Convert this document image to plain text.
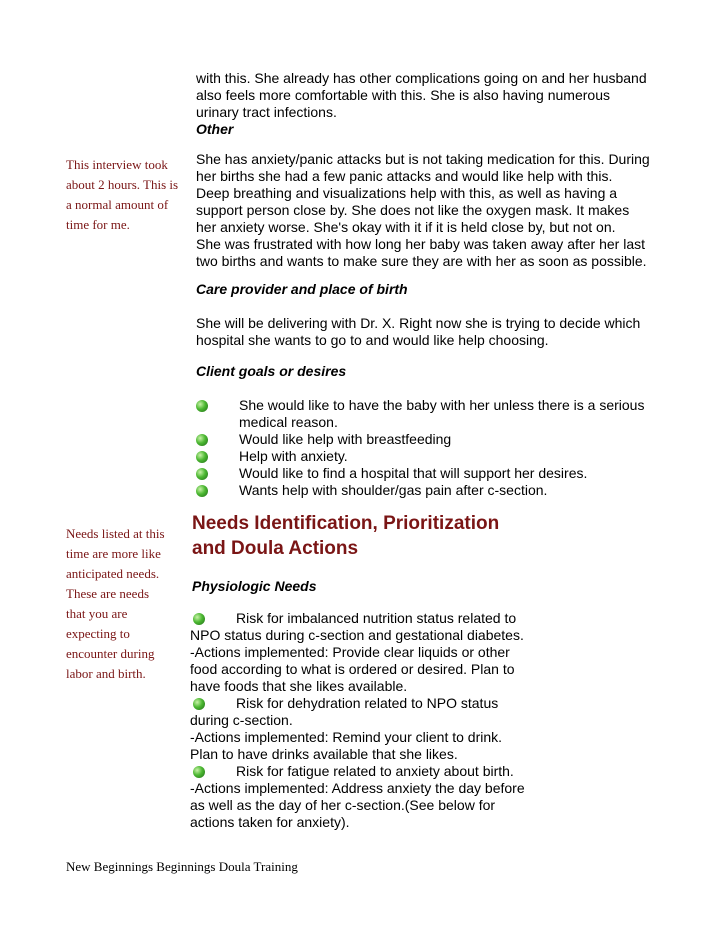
with this. She already has other complications going on and her husband

also feels more comfortable with this. She is also having numerous

urinary tract infections.

Other

She has anxiety/panic attacks but is not taking medication for this. During

her births she had a few panic attacks and would like help with this.

Deep breathing and visualizations help with this, as well as having a

support person close by. She does not like the oxygen mask. It makes

her anxiety worse. She's okay with it if it is held close by, but not on.

She was frustrated with how long her baby was taken away after her last

two births and wants to make sure they are with her as soon as possible.

This interview took
about 2 hours. This is
a normal amount of
time for me.

Care provider and place of birth

She will be delivering with Dr. X. Right now she is trying to decide which

hospital she wants to go to and would like help choosing.

Client goals or desires

She would like to have the baby with her unless there is a serious
medical reason.
Would like help with breastfeeding
Help with anxiety.
Would like to find a hospital that will support her desires.
Wants help with shoulder/gas pain after c-section.
Needs Identification, Prioritization
and Doula Actions
Needs listed at this
time are more like
anticipated needs.
These are needs
that you are
expecting to
encounter during
labor and birth.

Physiologic Needs

Risk for imbalanced nutrition status related to
NPO status during c-section and gestational diabetes.
-Actions implemented: Provide clear liquids or other
food according to what is ordered or desired. Plan to
have foods that she likes available.
Risk for dehydration related to NPO status
during c-section.
-Actions implemented: Remind your client to drink.
Plan to have drinks available that she likes.
Risk for fatigue related to anxiety about birth.
-Actions implemented: Address anxiety the day before
as well as the day of her c-section.(See below for
actions taken for anxiety).
New Beginnings Beginnings Doula Training
